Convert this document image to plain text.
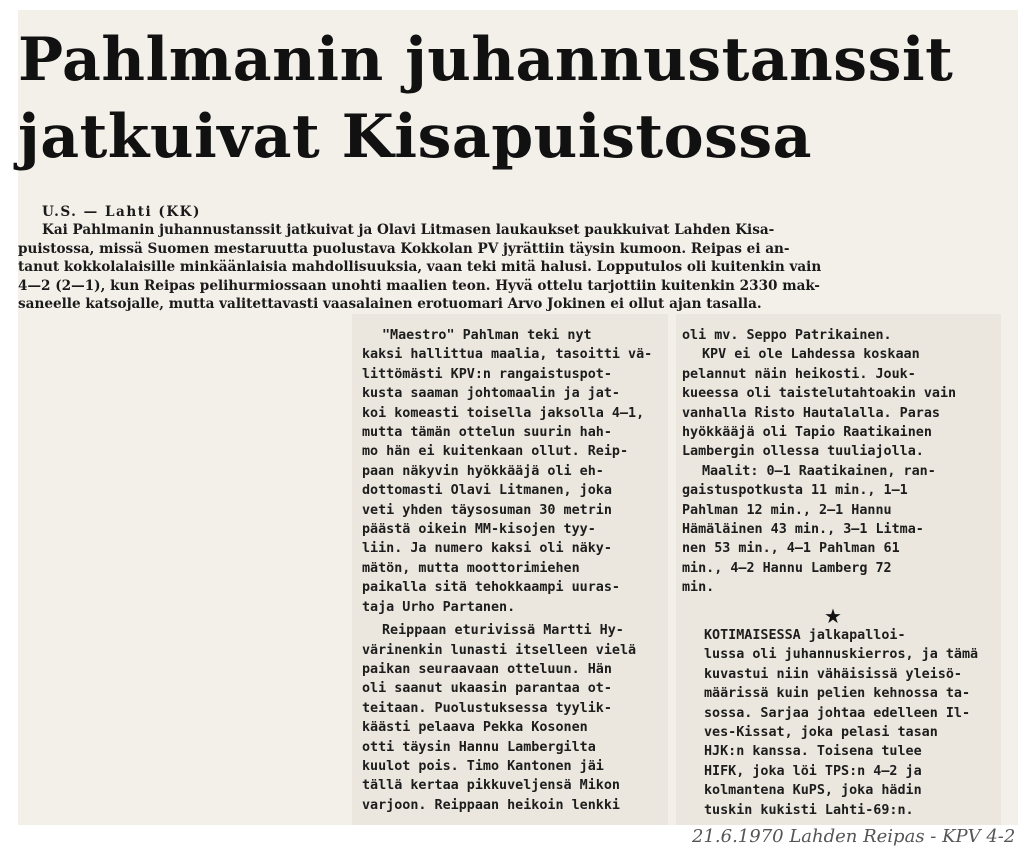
Pahlmanin juhannustanssit
jatkuivat Kisapuistossa
U.S. — Lahti (KK)
Kai Pahlmanin juhannustanssit jatkuivat ja Olavi Litmasen laukaukset paukkuivat Lahden Kisa-
puistossa, missä Suomen mestaruutta puolustava Kokkolan PV jyrättiin täysin kumoon. Reipas ei an-
tanut kokkolalaisille minkäänlaisia mahdollisuuksia, vaan teki mitä halusi. Lopputulos oli kuitenkin vain
4—2 (2—1), kun Reipas pelihurmiossaan unohti maalien teon. Hyvä ottelu tarjottiin kuitenkin 2330 mak-
saneelle katsojalle, mutta valitettavasti vaasalainen erotuomari Arvo Jokinen ei ollut ajan tasalla.
"Maestro" Pahlman teki nyt
kaksi hallittua maalia, tasoitti vä-
littömästi KPV:n rangaistuspot-
kusta saaman johtomaalin ja jat-
koi komeasti toisella jaksolla 4—1,
mutta tämän ottelun suurin hah-
mo hän ei kuitenkaan ollut. Reip-
paan näkyvin hyökkääjä oli eh-
dottomasti Olavi Litmanen, joka
veti yhden täysosuman 30 metrin
päästä oikein MM-kisojen tyy-
liin. Ja numero kaksi oli näky-
mätön, mutta moottorimiehen
paikalla sitä tehokkaampi uuras-
taja Urho Partanen.
Reippaan eturivissä Martti Hy-
värinenkin lunasti itselleen vielä
paikan seuraavaan otteluun. Hän
oli saanut ukaasin parantaa ot-
teitaan. Puolustuksessa tyylik-
käästi pelaava Pekka Kosonen
otti täysin Hannu Lambergilta
kuulot pois. Timo Kantonen jäi
tällä kertaa pikkuveljensä Mikon
varjoon. Reippaan heikoin lenkki
oli mv. Seppo Patrikainen.
KPV ei ole Lahdessa koskaan
pelannut näin heikosti. Jouk-
kueessa oli taistelutahtoakin vain
vanhalla Risto Hautalalla. Paras
hyökkääjä oli Tapio Raatikainen
Lambergin ollessa tuuliajolla.
Maalit: 0—1 Raatikainen, ran-
gaistuspotkusta 11 min., 1—1
Pahlman 12 min., 2—1 Hannu
Hämäläinen 43 min., 3—1 Litma-
nen 53 min., 4—1 Pahlman 61
min., 4—2 Hannu Lamberg 72
min.
★
KOTIMAISESSA jalkapalloi-
lussa oli juhannuskierros, ja tämä
kuvastui niin vähäisissä yleisö-
määrissä kuin pelien kehnossa ta-
sossa. Sarjaa johtaa edelleen Il-
ves-Kissat, joka pelasi tasan
HJK:n kanssa. Toisena tulee
HIFK, joka löi TPS:n 4—2 ja
kolmantena KuPS, joka hädin
tuskin kukisti Lahti-69:n.
21.6.1970 Lahden Reipas - KPV 4-2
